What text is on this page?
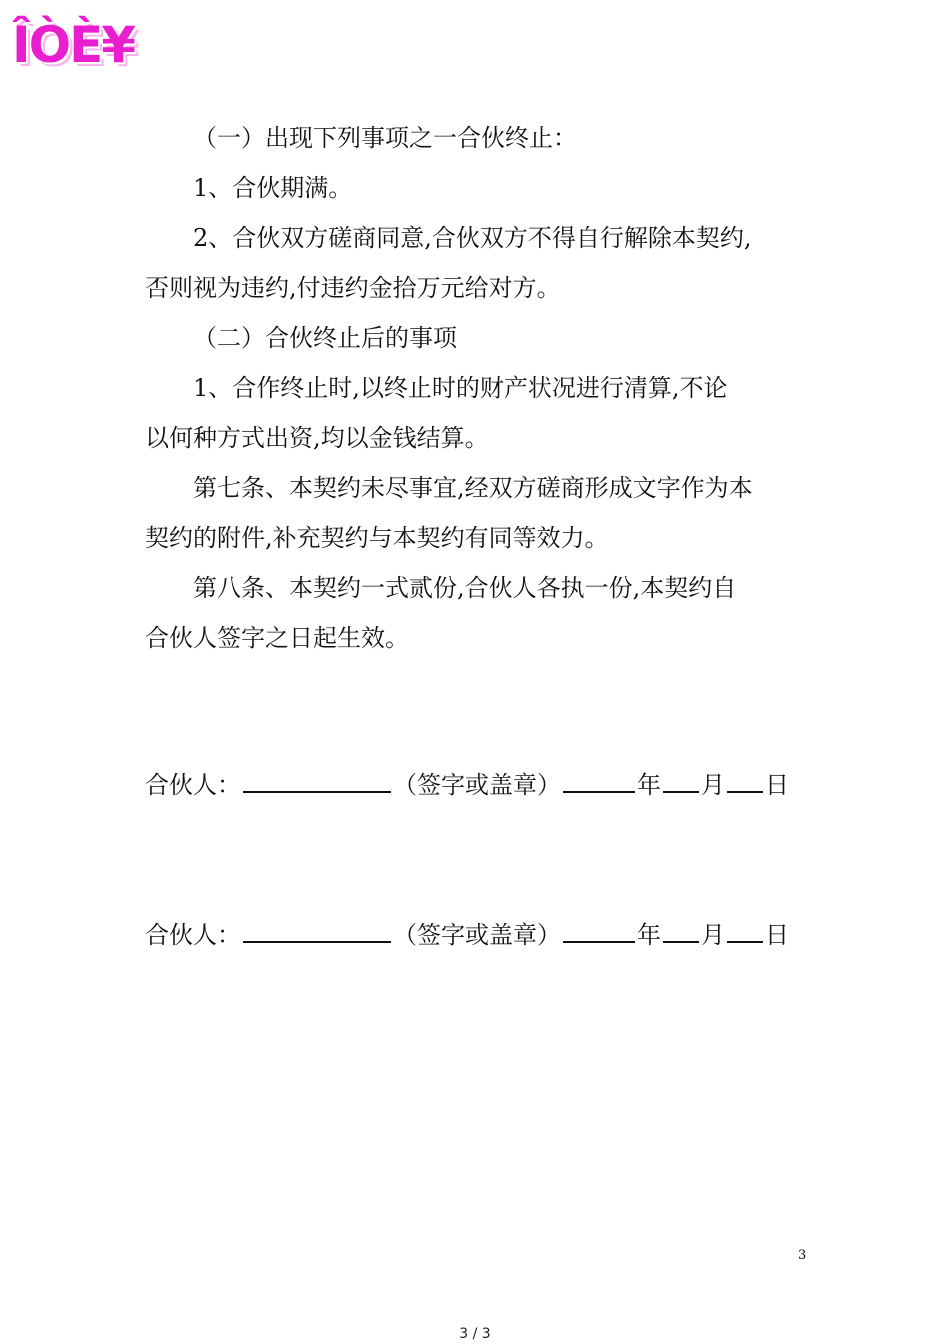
ÎÒÈ¥

（一）出现下列事项之一合伙终止：

1、合伙期满。

2、合伙双方磋商同意,合伙双方不得自行解除本契约,
否则视为违约,付违约金拾万元给对方。

（二）合伙终止后的事项

1、合作终止时,以终止时的财产状况进行清算,不论
以何种方式出资,均以金钱结算。

第七条、本契约未尽事宜,经双方磋商形成文字作为本
契约的附件,补充契约与本契约有同等效力。

第八条、本契约一式贰份,合伙人各执一份,本契约自
合伙人签字之日起生效。

合伙人：	（签字或盖章）	年 月 日
合伙人：	（签字或盖章）	年 月 日
3
3 / 3
